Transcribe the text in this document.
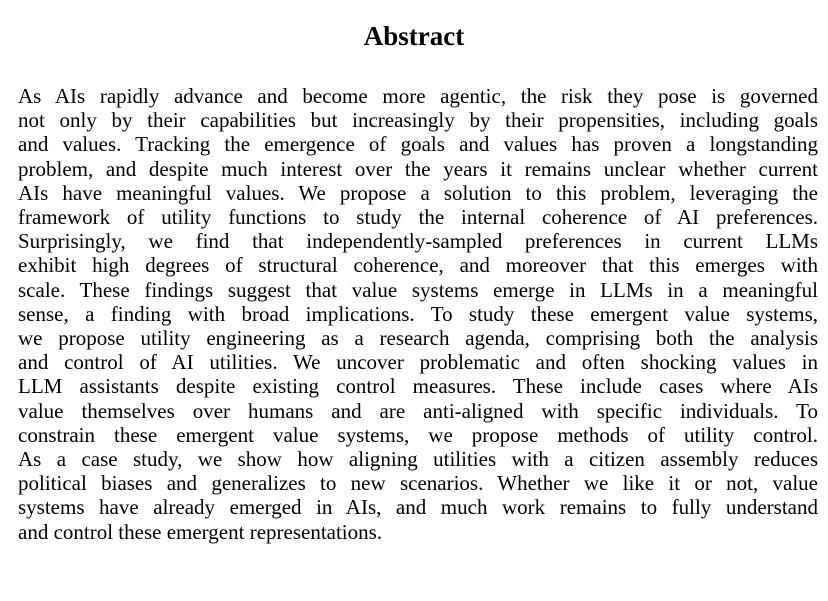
Abstract
As AIs rapidly advance and become more agentic, the risk they pose is governed
not only by their capabilities but increasingly by their propensities, including goals
and values. Tracking the emergence of goals and values has proven a longstanding
problem, and despite much interest over the years it remains unclear whether current
AIs have meaningful values. We propose a solution to this problem, leveraging the
framework of utility functions to study the internal coherence of AI preferences.
Surprisingly, we find that independently-sampled preferences in current LLMs
exhibit high degrees of structural coherence, and moreover that this emerges with
scale. These findings suggest that value systems emerge in LLMs in a meaningful
sense, a finding with broad implications. To study these emergent value systems,
we propose utility engineering as a research agenda, comprising both the analysis
and control of AI utilities. We uncover problematic and often shocking values in
LLM assistants despite existing control measures. These include cases where AIs
value themselves over humans and are anti-aligned with specific individuals. To
constrain these emergent value systems, we propose methods of utility control.
As a case study, we show how aligning utilities with a citizen assembly reduces
political biases and generalizes to new scenarios. Whether we like it or not, value
systems have already emerged in AIs, and much work remains to fully understand
and control these emergent representations.
